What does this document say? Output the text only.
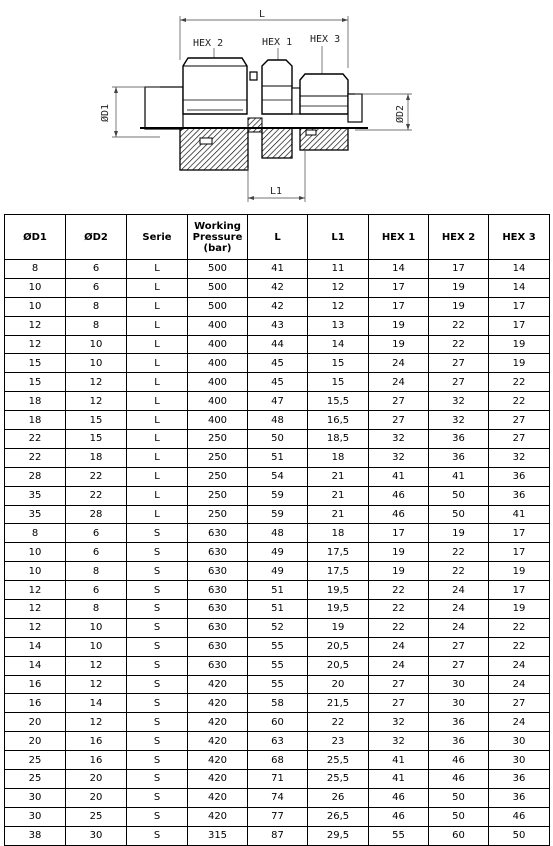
L
HEX 2	HEX 1 HEX 3
ØD1	ØD2
L1
ØD1	ØD2	Serie	Working Pressure (bar)	L	L1	HEX 1	HEX 2	HEX 3
8	6	L	500	41	11	14	17	14
10	6	L	500	42	12	17	19	14
10	8	L	500	42	12	17	19	17
12	8	L	400	43	13	19	22	17
12	10	L	400	44	14	19	22	19
15	10	L	400	45	15	24	27	19
15	12	L	400	45	15	24	27	22
18	12	L	400	47	15,5	27	32	22
18	15	L	400	48	16,5	27	32	27
22	15	L	250	50	18,5	32	36	27
22	18	L	250	51	18	32	36	32
28	22	L	250	54	21	41	41	36
35	22	L	250	59	21	46	50	36
35	28	L	250	59	21	46	50	41
8	6	S	630	48	18	17	19	17
10	6	S	630	49	17,5	19	22	17
10	8	S	630	49	17,5	19	22	19
12	6	S	630	51	19,5	22	24	17
12	8	S	630	51	19,5	22	24	19
12	10	S	630	52	19	22	24	22
14	10	S	630	55	20,5	24	27	22
14	12	S	630	55	20,5	24	27	24
16	12	S	420	55	20	27	30	24
16	14	S	420	58	21,5	27	30	27
20	12	S	420	60	22	32	36	24
20	16	S	420	63	23	32	36	30
25	16	S	420	68	25,5	41	46	30
25	20	S	420	71	25,5	41	46	36
30	20	S	420	74	26	46	50	36
30	25	S	420	77	26,5	46	50	46
38	30	S	315	87	29,5	55	60	50
